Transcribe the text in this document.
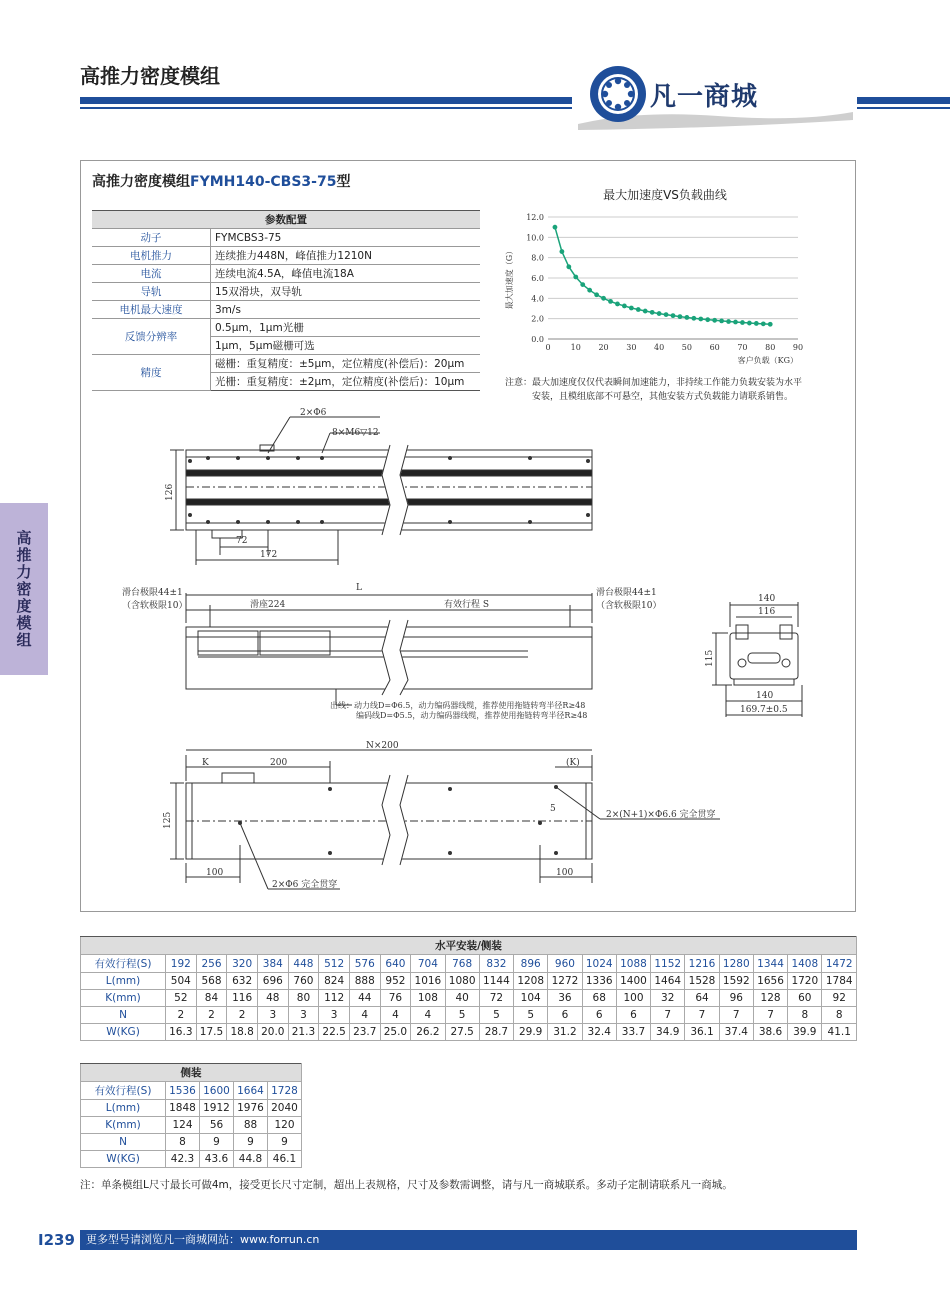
高推力密度模组
凡一商城
高推力密度模组
高推力密度模组FYMH140-CBS3-75型
参数配置	
动子	FYMCBS3-75
电机推力	连续推力448N，峰值推力1210N
电流	连续电流4.5A，峰值电流18A
导轨	15双滑块，双导轨
电机最大速度	3m/s
反馈分辨率	0.5μm，1μm光栅
	1μm，5μm磁栅可选
精度	磁栅：重复精度：±5μm，定位精度(补偿后)：20μm
	光栅：重复精度：±2μm，定位精度(补偿后)：10μm
最大加速度VS负载曲线
0.0
2.0
4.0
6.0
8.0
10.0
12.0
0	10 20 30 40 50 60 70 80 90
最大加速度（G）
客户负载（KG）
注意：最大加速度仅仅代表瞬间加速能力，非持续工作能力负载安装为水平
安装，且模组底部不可悬空，其他安装方式负载能力请联系销售。
2×Φ6
8×M6▽12
126
72
172
L
滑台极限44±1
（含软极限10）	滑座224	有效行程 S
滑台极限44±1
（含软极限10）
出线：动力线D=Φ6.5，动力编码器线缆，推荐使用拖链转弯半径R≥48
编码线D=Φ5.5，动力编码器线缆，推荐使用拖链转弯半径R≥48
140
116
115
140
169.7±0.5
K	200
N×200
(K)
125
5
2×(N+1)×Φ6.6 完全贯穿
100	100
2×Φ6 完全贯穿
水平安装/侧装																					
有效行程(S)	192	256	320	384	448	512	576	640	704	768	832	896	960	1024	1088	1152	1216	1280	1344	1408	1472
L(mm)	504	568	632	696	760	824	888	952	1016	1080	1144	1208	1272	1336	1400	1464	1528	1592	1656	1720	1784
K(mm)	52	84	116	48	80	112	44	76	108	40	72	104	36	68	100	32	64	96	128	60	92
N	2	2	2	3	3	3	4	4	4	5	5	5	6	6	6	7	7	7	7	8	8
W(KG)	16.3	17.5	18.8	20.0	21.3	22.5	23.7	25.0	26.2	27.5	28.7	29.9	31.2	32.4	33.7	34.9	36.1	37.4	38.6	39.9	41.1
侧装				
有效行程(S)	1536	1600	1664	1728
L(mm)	1848	1912	1976	2040
K(mm)	124	56	88	120
N	8	9	9	9
W(KG)	42.3	43.6	44.8	46.1
注：单条模组L尺寸最长可做4m，接受更长尺寸定制，超出上表规格，尺寸及参数需调整，请与凡一商城联系。多动子定制请联系凡一商城。
I239	更多型号请浏览凡一商城网站：www.forrun.cn
